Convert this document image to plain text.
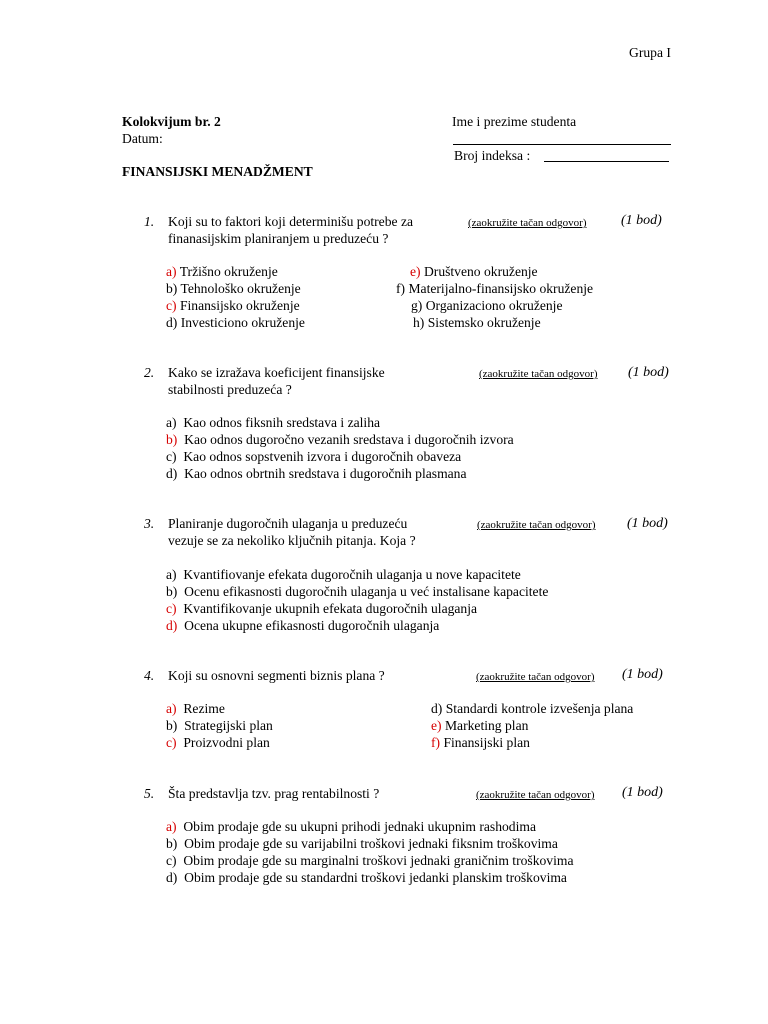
Grupa I
Kolokvijum br. 2
Datum:
FINANSIJSKI MENADŽMENT
Ime i prezime studenta
Broj indeksa :
1. Koji su to faktori koji determinišu potrebe za
finanasijskim planiranjem u preduzeću ?
(zaokružite tačan odgovor) (1 bod)
a) Tržišno okruženje
b) Tehnološko okruženje
c) Finansijsko okruženje
d) Investiciono okruženje
e) Društveno okruženje
f) Materijalno-finansijsko okruženje
g) Organizaciono okruženje
h) Sistemsko okruženje
2. Kako se izražava koeficijent finansijske
stabilnosti preduzeća ?
(zaokružite tačan odgovor) (1 bod)
a) Kao odnos fiksnih sredstava i zaliha
b) Kao odnos dugoročno vezanih sredstava i dugoročnih izvora
c) Kao odnos sopstvenih izvora i dugoročnih obaveza
d) Kao odnos obrtnih sredstava i dugoročnih plasmana
3. Planiranje dugoročnih ulaganja u preduzeću
vezuje se za nekoliko ključnih pitanja. Koja ?
(zaokružite tačan odgovor) (1 bod)
a) Kvantifiovanje efekata dugoročnih ulaganja u nove kapacitete
b) Ocenu efikasnosti dugoročnih ulaganja u već instalisane kapacitete
c) Kvantifikovanje ukupnih efekata dugoročnih ulaganja
d) Ocena ukupne efikasnosti dugoročnih ulaganja
4. Koji su osnovni segmenti biznis plana ?	(zaokružite tačan odgovor) (1 bod)
a) Rezime
b) Strategijski plan
c) Proizvodni plan
d) Standardi kontrole izvešenja plana
e) Marketing plan
f) Finansijski plan
5. Šta predstavlja tzv. prag rentabilnosti ?	(zaokružite tačan odgovor) (1 bod)
a) Obim prodaje gde su ukupni prihodi jednaki ukupnim rashodima
b) Obim prodaje gde su varijabilni troškovi jednaki fiksnim troškovima
c) Obim prodaje gde su marginalni troškovi jednaki graničnim troškovima
d) Obim prodaje gde su standardni troškovi jedanki planskim troškovima
